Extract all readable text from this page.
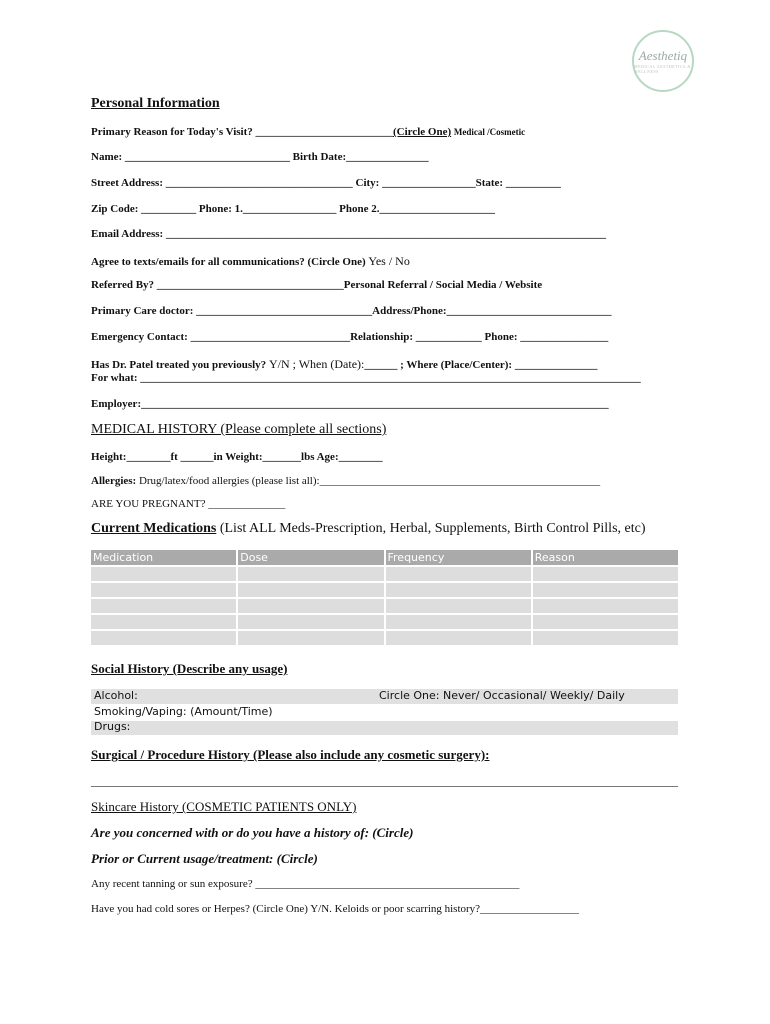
Aesthetiq
MEDICAL AESTHETICS & WELLNESS
Personal Information
Primary Reason for Today's Visit? _________________________(Circle One) Medical /Cosmetic
Name: ______________________________ Birth Date:_______________
Street Address: __________________________________ City: _________________State: __________
Zip Code: __________ Phone: 1._________________ Phone 2._____________________
Email Address: ________________________________________________________________________________
Agree to texts/emails for all communications? (Circle One) Yes / No
Referred By? __________________________________Personal Referral / Social Media / Website
Primary Care doctor: ________________________________Address/Phone:______________________________
Emergency Contact: _____________________________Relationship: ____________ Phone: ________________
Has Dr. Patel treated you previously? Y/N ; When (Date):______ ; Where (Place/Center): _______________
For what: ___________________________________________________________________________________________
Employer:_____________________________________________________________________________________
MEDICAL HISTORY (Please complete all sections)
Height:________ft ______in Weight:_______lbs Age:________
Allergies: Drug/latex/food allergies (please list all):___________________________________________________
ARE YOU PREGNANT? ______________
Current Medications (List ALL Meds-Prescription, Herbal, Supplements, Birth Control Pills, etc)
Medication	Dose	Frequency	Reason

Social History (Describe any usage)
Alcohol:	Circle One: Never/ Occasional/ Weekly/ Daily
Smoking/Vaping: (Amount/Time)
Drugs:
Surgical / Procedure History (Please also include any cosmetic surgery):
Skincare History (COSMETIC PATIENTS ONLY)
Are you concerned with or do you have a history of: (Circle)
Prior or Current usage/treatment: (Circle)
Any recent tanning or sun exposure? ________________________________________________
Have you had cold sores or Herpes? (Circle One) Y/N. Keloids or poor scarring history?__________________
